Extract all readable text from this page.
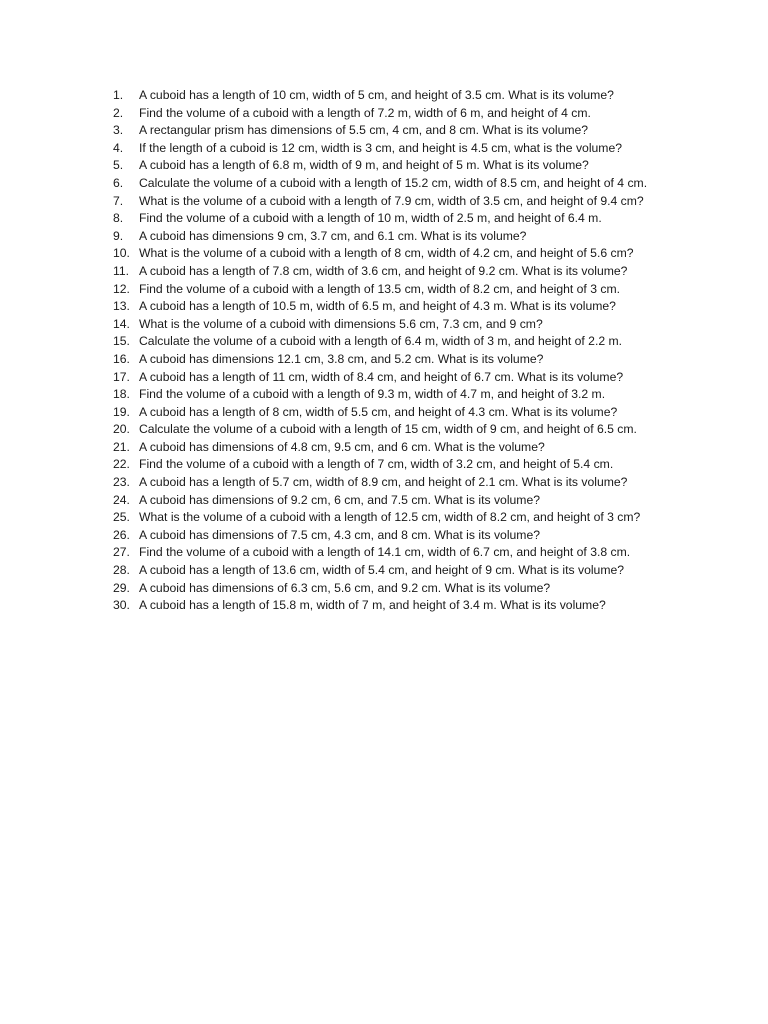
1.	A cuboid has a length of 10 cm, width of 5 cm, and height of 3.5 cm. What is its volume?
2.	Find the volume of a cuboid with a length of 7.2 m, width of 6 m, and height of 4 cm.
3.	A rectangular prism has dimensions of 5.5 cm, 4 cm, and 8 cm. What is its volume?
4.	If the length of a cuboid is 12 cm, width is 3 cm, and height is 4.5 cm, what is the volume?
5.	A cuboid has a length of 6.8 m, width of 9 m, and height of 5 m. What is its volume?
6.	Calculate the volume of a cuboid with a length of 15.2 cm, width of 8.5 cm, and height of 4 cm.
7.	What is the volume of a cuboid with a length of 7.9 cm, width of 3.5 cm, and height of 9.4 cm?
8.	Find the volume of a cuboid with a length of 10 m, width of 2.5 m, and height of 6.4 m.
9.	A cuboid has dimensions 9 cm, 3.7 cm, and 6.1 cm. What is its volume?
10. What is the volume of a cuboid with a length of 8 cm, width of 4.2 cm, and height of 5.6 cm?
11. A cuboid has a length of 7.8 cm, width of 3.6 cm, and height of 9.2 cm. What is its volume?
12. Find the volume of a cuboid with a length of 13.5 cm, width of 8.2 cm, and height of 3 cm.
13. A cuboid has a length of 10.5 m, width of 6.5 m, and height of 4.3 m. What is its volume?
14. What is the volume of a cuboid with dimensions 5.6 cm, 7.3 cm, and 9 cm?
15. Calculate the volume of a cuboid with a length of 6.4 m, width of 3 m, and height of 2.2 m.
16. A cuboid has dimensions 12.1 cm, 3.8 cm, and 5.2 cm. What is its volume?
17. A cuboid has a length of 11 cm, width of 8.4 cm, and height of 6.7 cm. What is its volume?
18. Find the volume of a cuboid with a length of 9.3 m, width of 4.7 m, and height of 3.2 m.
19. A cuboid has a length of 8 cm, width of 5.5 cm, and height of 4.3 cm. What is its volume?
20. Calculate the volume of a cuboid with a length of 15 cm, width of 9 cm, and height of 6.5 cm.
21. A cuboid has dimensions of 4.8 cm, 9.5 cm, and 6 cm. What is the volume?
22. Find the volume of a cuboid with a length of 7 cm, width of 3.2 cm, and height of 5.4 cm.
23. A cuboid has a length of 5.7 cm, width of 8.9 cm, and height of 2.1 cm. What is its volume?
24. A cuboid has dimensions of 9.2 cm, 6 cm, and 7.5 cm. What is its volume?
25. What is the volume of a cuboid with a length of 12.5 cm, width of 8.2 cm, and height of 3 cm?
26. A cuboid has dimensions of 7.5 cm, 4.3 cm, and 8 cm. What is its volume?
27. Find the volume of a cuboid with a length of 14.1 cm, width of 6.7 cm, and height of 3.8 cm.
28. A cuboid has a length of 13.6 cm, width of 5.4 cm, and height of 9 cm. What is its volume?
29. A cuboid has dimensions of 6.3 cm, 5.6 cm, and 9.2 cm. What is its volume?
30. A cuboid has a length of 15.8 m, width of 7 m, and height of 3.4 m. What is its volume?
